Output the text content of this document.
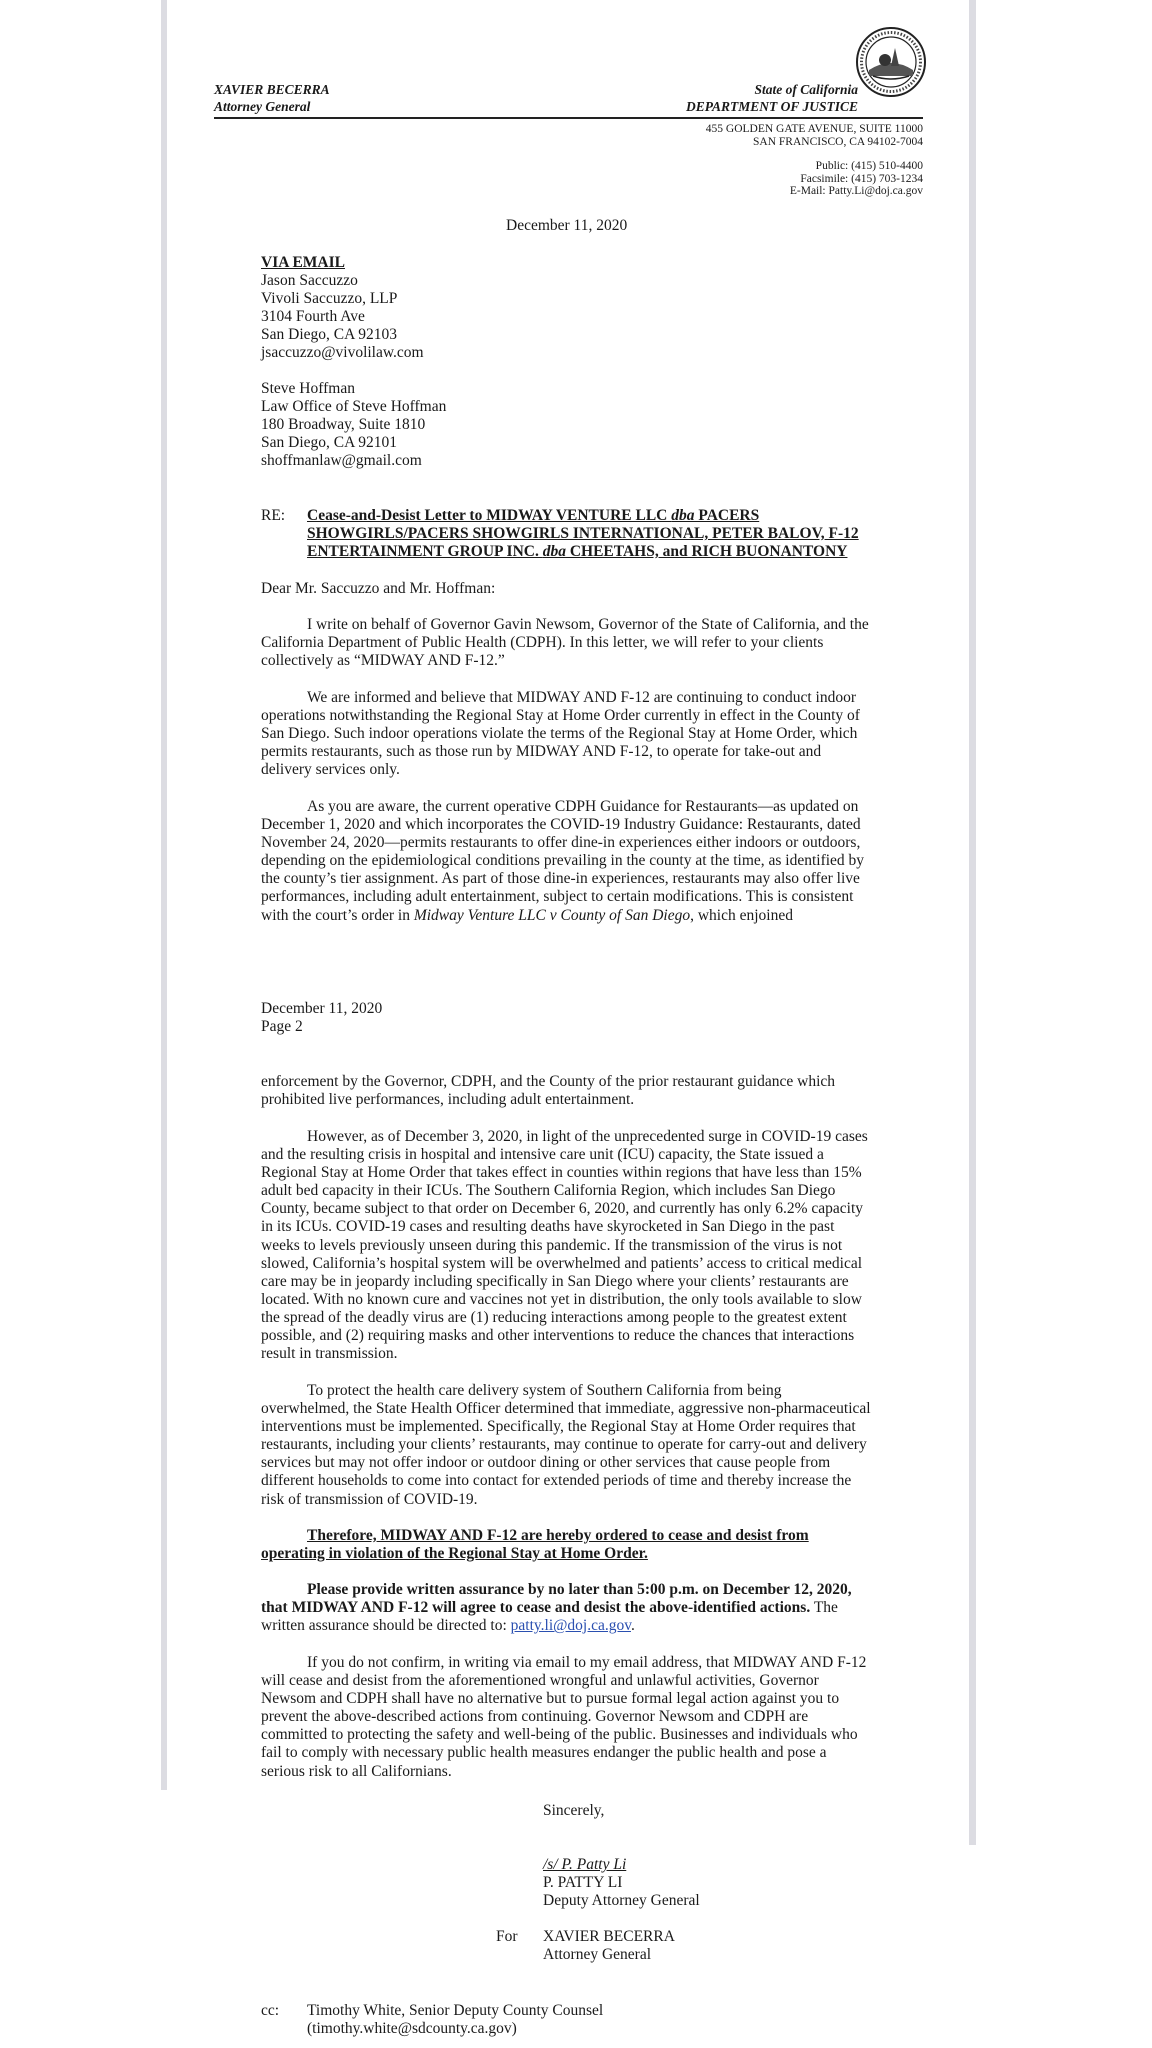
XAVIER BECERRA
Attorney General
State of California
DEPARTMENT OF JUSTICE
455 GOLDEN GATE AVENUE, SUITE 11000
SAN FRANCISCO, CA 94102-7004
Public: (415) 510-4400
Facsimile: (415) 703-1234
E-Mail: Patty.Li@doj.ca.gov
December 11, 2020
VIA EMAIL
Jason Saccuzzo
Vivoli Saccuzzo, LLP
3104 Fourth Ave
San Diego, CA 92103
jsaccuzzo@vivolilaw.com
Steve Hoffman
Law Office of Steve Hoffman
180 Broadway, Suite 1810
San Diego, CA 92101
shoffmanlaw@gmail.com
RE: Cease-and-Desist Letter to MIDWAY VENTURE LLC dba PACERS
SHOWGIRLS/PACERS SHOWGIRLS INTERNATIONAL, PETER BALOV, F-12
ENTERTAINMENT GROUP INC. dba CHEETAHS, and RICH BUONANTONY
Dear Mr. Saccuzzo and Mr. Hoffman:
I write on behalf of Governor Gavin Newsom, Governor of the State of California, and the California Department of Public Health (CDPH). In this letter, we will refer to your clients collectively as “MIDWAY AND F-12.”
We are informed and believe that MIDWAY AND F-12 are continuing to conduct indoor operations notwithstanding the Regional Stay at Home Order currently in effect in the County of San Diego. Such indoor operations violate the terms of the Regional Stay at Home Order, which permits restaurants, such as those run by MIDWAY AND F-12, to operate for take-out and delivery services only.
As you are aware, the current operative CDPH Guidance for Restaurants—as updated on December 1, 2020 and which incorporates the COVID-19 Industry Guidance: Restaurants, dated November 24, 2020—permits restaurants to offer dine-in experiences either indoors or outdoors, depending on the epidemiological conditions prevailing in the county at the time, as identified by the county’s tier assignment. As part of those dine-in experiences, restaurants may also offer live performances, including adult entertainment, subject to certain modifications. This is consistent with the court’s order in Midway Venture LLC v County of San Diego, which enjoined
December 11, 2020
Page 2
enforcement by the Governor, CDPH, and the County of the prior restaurant guidance which prohibited live performances, including adult entertainment.
However, as of December 3, 2020, in light of the unprecedented surge in COVID-19 cases and the resulting crisis in hospital and intensive care unit (ICU) capacity, the State issued a Regional Stay at Home Order that takes effect in counties within regions that have less than 15% adult bed capacity in their ICUs. The Southern California Region, which includes San Diego County, became subject to that order on December 6, 2020, and currently has only 6.2% capacity in its ICUs. COVID-19 cases and resulting deaths have skyrocketed in San Diego in the past weeks to levels previously unseen during this pandemic. If the transmission of the virus is not slowed, California’s hospital system will be overwhelmed and patients’ access to critical medical care may be in jeopardy including specifically in San Diego where your clients’ restaurants are located. With no known cure and vaccines not yet in distribution, the only tools available to slow the spread of the deadly virus are (1) reducing interactions among people to the greatest extent possible, and (2) requiring masks and other interventions to reduce the chances that interactions result in transmission.
To protect the health care delivery system of Southern California from being overwhelmed, the State Health Officer determined that immediate, aggressive non-pharmaceutical interventions must be implemented. Specifically, the Regional Stay at Home Order requires that restaurants, including your clients’ restaurants, may continue to operate for carry-out and delivery services but may not offer indoor or outdoor dining or other services that cause people from different households to come into contact for extended periods of time and thereby increase the risk of transmission of COVID-19.
Therefore, MIDWAY AND F-12 are hereby ordered to cease and desist from operating in violation of the Regional Stay at Home Order.
Please provide written assurance by no later than 5:00 p.m. on December 12, 2020, that MIDWAY AND F-12 will agree to cease and desist the above-identified actions. The written assurance should be directed to: patty.li@doj.ca.gov.
If you do not confirm, in writing via email to my email address, that MIDWAY AND F-12 will cease and desist from the aforementioned wrongful and unlawful activities, Governor Newsom and CDPH shall have no alternative but to pursue formal legal action against you to prevent the above-described actions from continuing. Governor Newsom and CDPH are committed to protecting the safety and well-being of the public. Businesses and individuals who fail to comply with necessary public health measures endanger the public health and pose a serious risk to all Californians.
Sincerely,
/s/ P. Patty Li
P. PATTY LI
Deputy Attorney General
For XAVIER BECERRA
Attorney General
cc: Timothy White, Senior Deputy County Counsel
(timothy.white@sdcounty.ca.gov)
